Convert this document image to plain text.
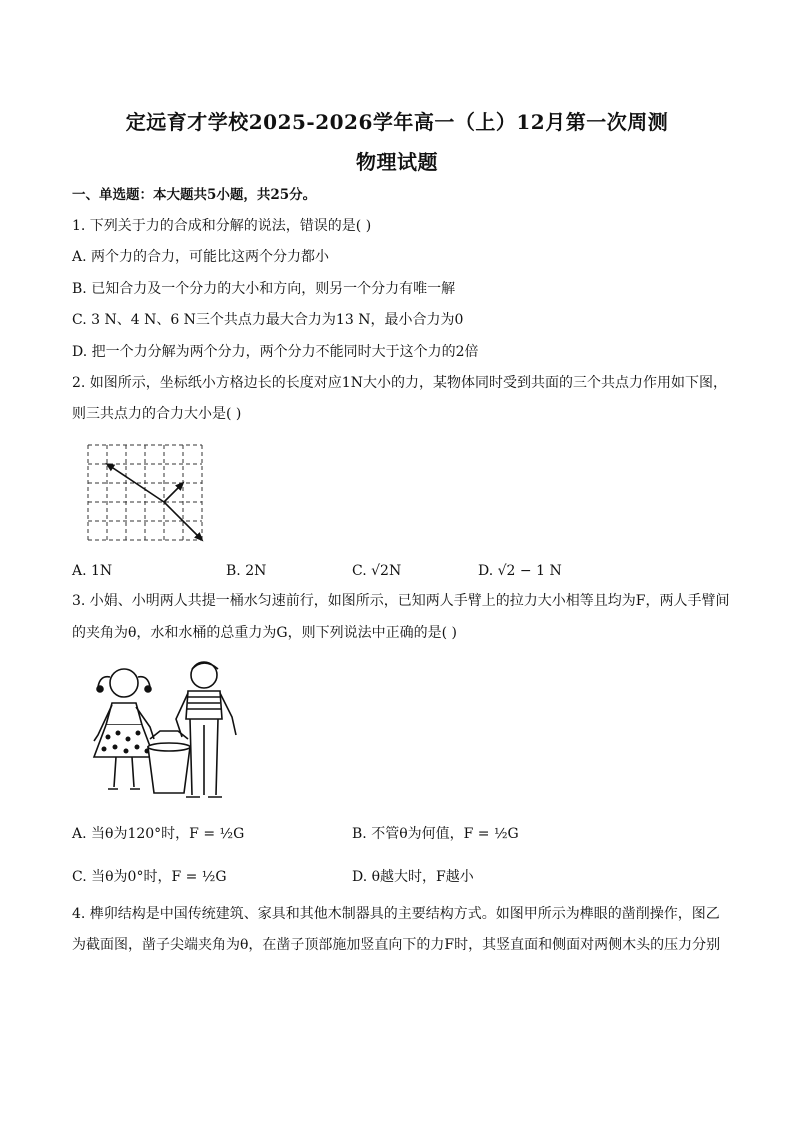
定远育才学校2025-2026学年高一（上）12月第一次周测
物理试题
一、单选题：本大题共5小题，共25分。
1. 下列关于力的合成和分解的说法，错误的是( )
A. 两个力的合力，可能比这两个分力都小
B. 已知合力及一个分力的大小和方向，则另一个分力有唯一解
C. 3 N、4 N、6 N三个共点力最大合力为13 N，最小合力为0
D. 把一个力分解为两个分力，两个分力不能同时大于这个力的2倍
2. 如图所示，坐标纸小方格边长的长度对应1N大小的力，某物体同时受到共面的三个共点力作用如下图，
则三共点力的合力大小是( )
A. 1N	B. 2N	C. √2N	D. √2 − 1 N
3. 小娟、小明两人共提一桶水匀速前行，如图所示，已知两人手臂上的拉力大小相等且均为F，两人手臂间
的夹角为θ，水和水桶的总重力为G，则下列说法中正确的是( )
A. 当θ为120°时，F = ½G	B. 不管θ为何值，F = ½G
C. 当θ为0°时，F = ½G	D. θ越大时，F越小
4. 榫卯结构是中国传统建筑、家具和其他木制器具的主要结构方式。如图甲所示为榫眼的凿削操作，图乙
为截面图，凿子尖端夹角为θ，在凿子顶部施加竖直向下的力F时，其竖直面和侧面对两侧木头的压力分别
